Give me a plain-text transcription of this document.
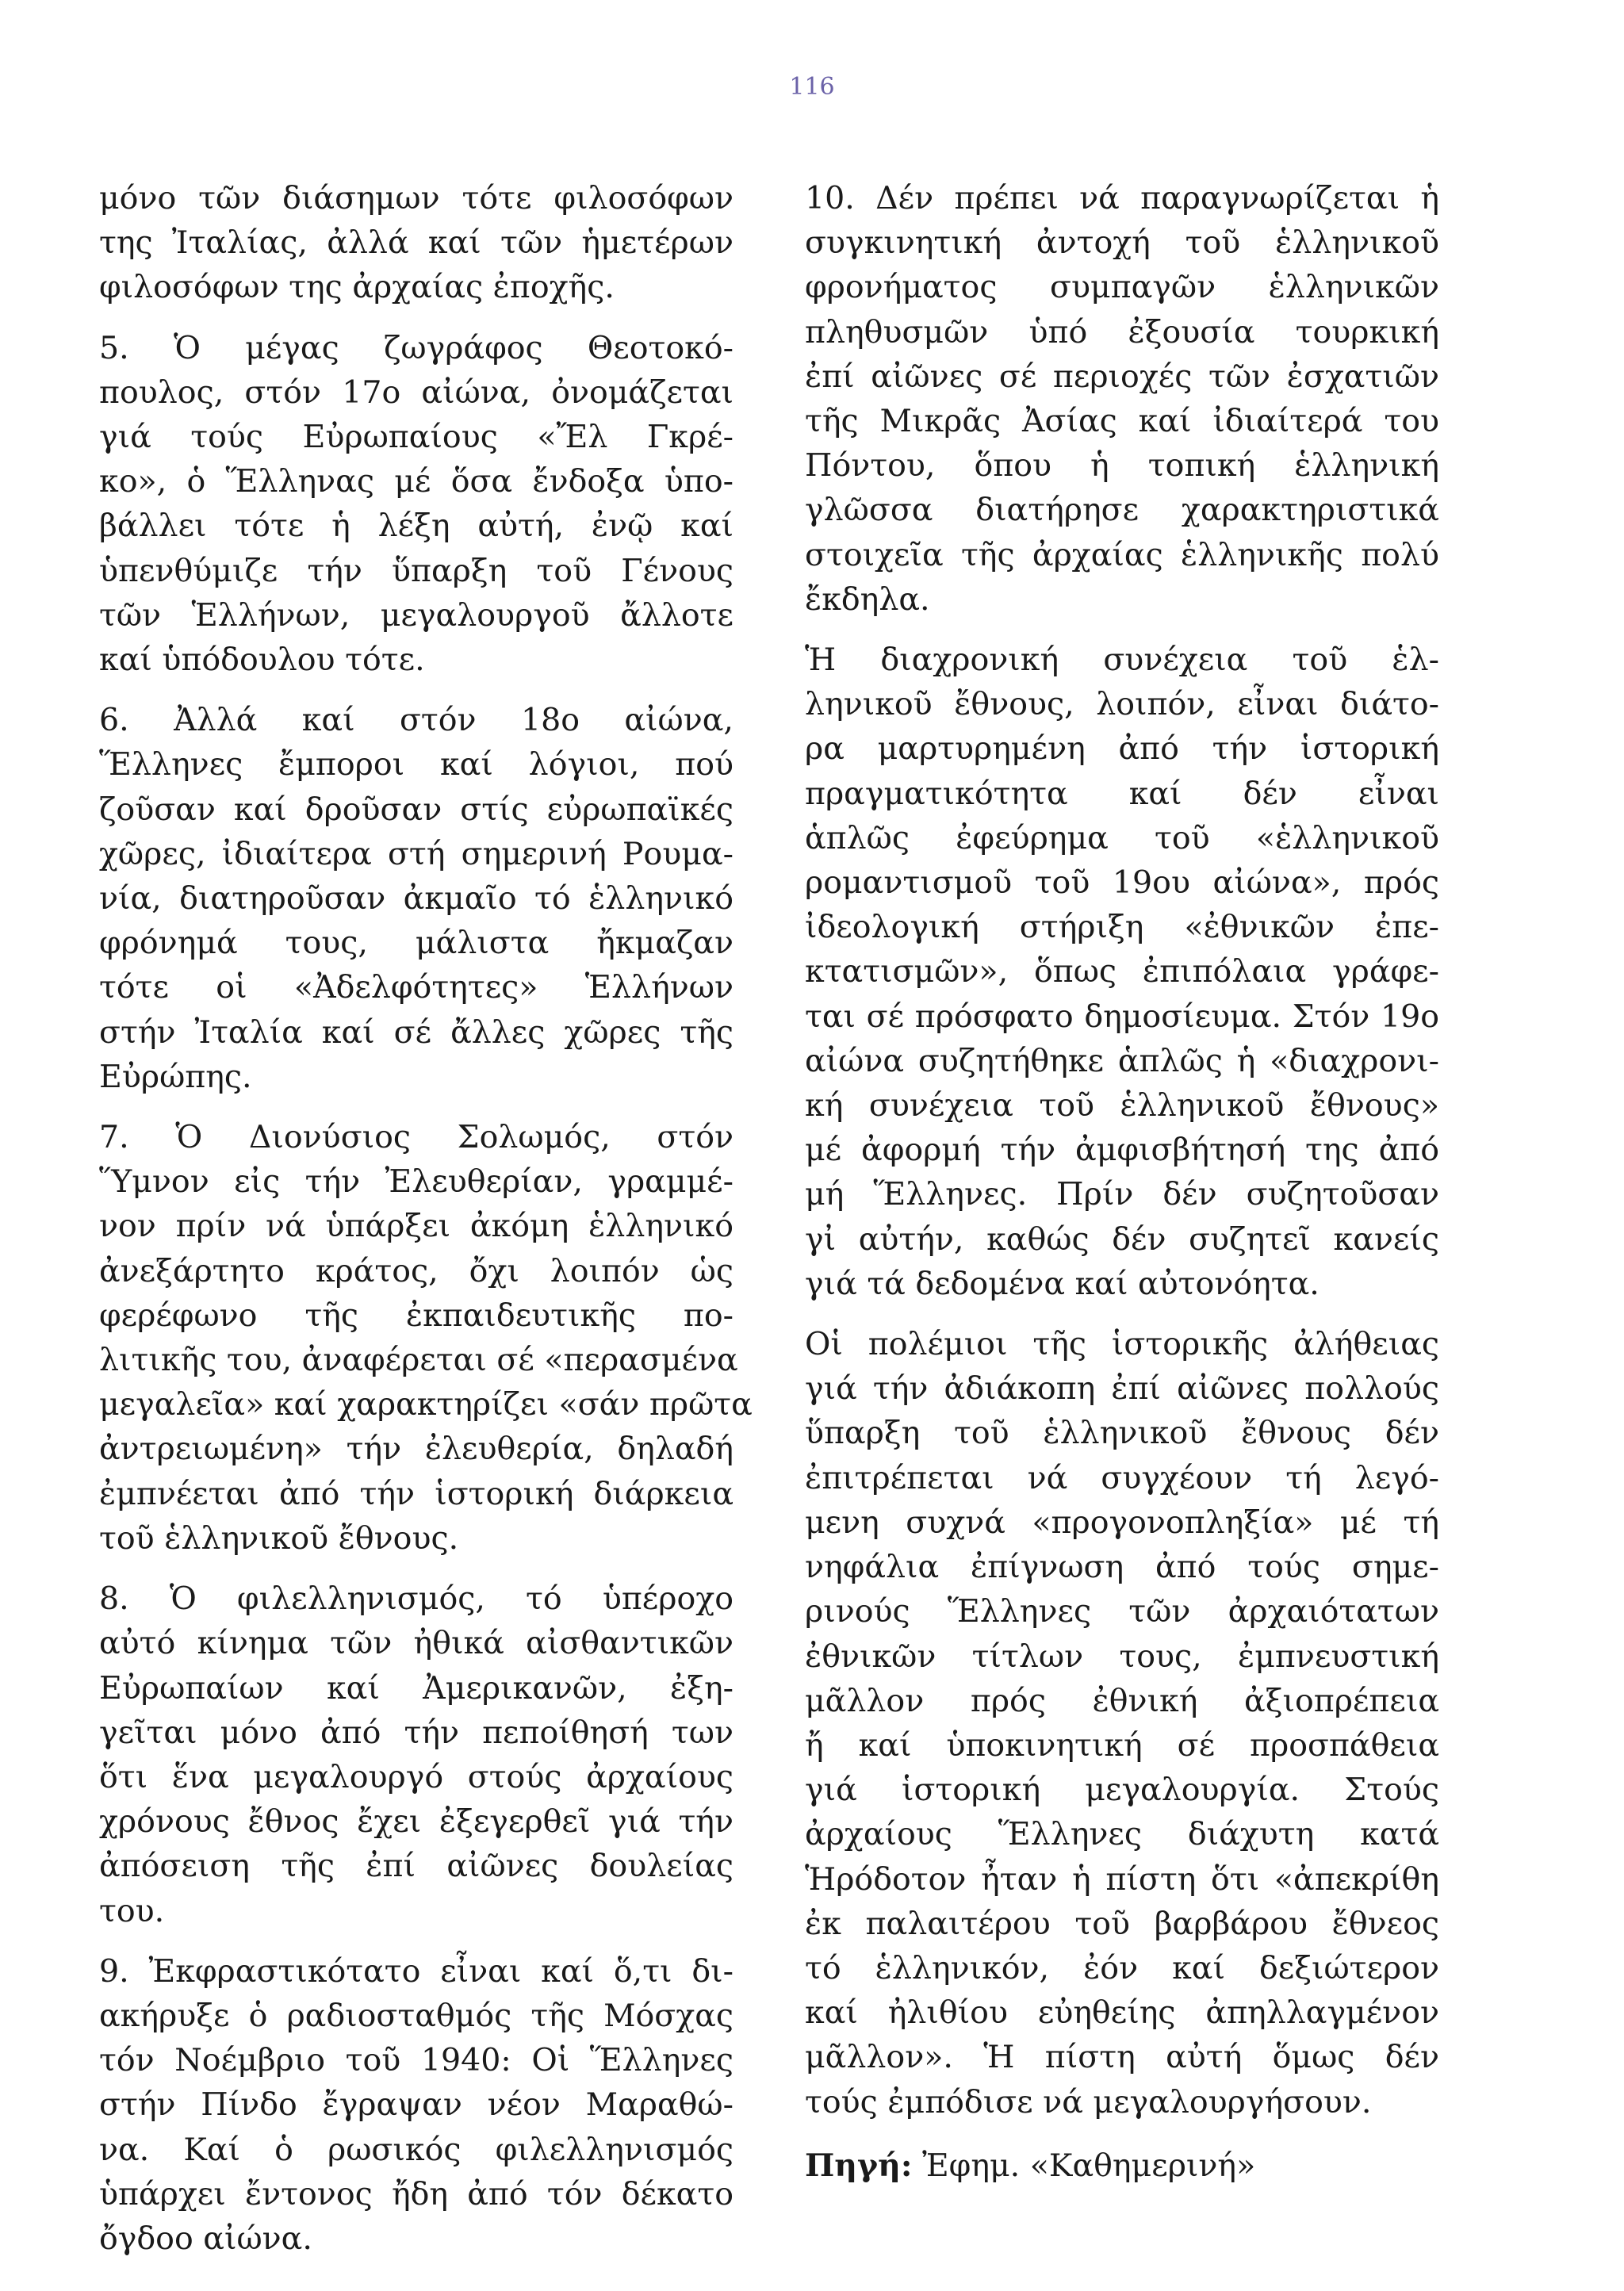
116
μόνο τῶν διάσημων τότε φιλοσόφων
της Ἰταλίας, ἀλλά καί τῶν ἡμετέρων
φιλοσόφων της ἀρχαίας ἐποχῆς.
5. Ὁ μέγας ζωγράφος Θεοτοκό-
πουλος, στόν 17ο αἰώνα, ὀνομάζεται
γιά τούς Εὐρωπαίους «Ἔλ Γκρέ-
κο», ὁ Ἕλληνας μέ ὅσα ἔνδοξα ὑπο-
βάλλει τότε ἡ λέξη αὐτή, ἐνῷ καί
ὑπενθύμιζε τήν ὕπαρξη τοῦ Γένους
τῶν Ἑλλήνων, μεγαλουργοῦ ἄλλοτε
καί ὑπόδουλου τότε.
6. Ἀλλά καί στόν 18ο αἰώνα,
Ἕλληνες ἔμποροι καί λόγιοι, πού
ζοῦσαν καί δροῦσαν στίς εὐρωπαϊκές
χῶρες, ἰδιαίτερα στή σημερινή Ρουμα-
νία, διατηροῦσαν ἀκμαῖο τό ἑλληνικό
φρόνημά τους, μάλιστα ἤκμαζαν
τότε οἱ «Ἀδελφότητες» Ἑλλήνων
στήν Ἰταλία καί σέ ἄλλες χῶρες τῆς
Εὐρώπης.
7. Ὁ Διονύσιος Σολωμός, στόν
Ὕμνον εἰς τήν Ἐλευθερίαν, γραμμέ-
νον πρίν νά ὑπάρξει ἀκόμη ἑλληνικό
ἀνεξάρτητο κράτος, ὄχι λοιπόν ὡς
φερέφωνο τῆς ἐκπαιδευτικῆς πο-
λιτικῆς του, ἀναφέρεται σέ «περασμένα
μεγαλεῖα» καί χαρακτηρίζει «σάν πρῶτα
ἀντρειωμένη» τήν ἐλευθερία, δηλαδή
ἐμπνέεται ἀπό τήν ἱστορική διάρκεια
τοῦ ἑλληνικοῦ ἔθνους.
8. Ὁ φιλελληνισμός, τό ὑπέροχο
αὐτό κίνημα τῶν ἠθικά αἰσθαντικῶν
Εὐρωπαίων καί Ἀμερικανῶν, ἐξη-
γεῖται μόνο ἀπό τήν πεποίθησή των
ὅτι ἕνα μεγαλουργό στούς ἀρχαίους
χρόνους ἔθνος ἔχει ἐξεγερθεῖ γιά τήν
ἀπόσειση τῆς ἐπί αἰῶνες δουλείας
του.
9. Ἐκφραστικότατο εἶναι καί ὅ,τι δι-
ακήρυξε ὁ ραδιοσταθμός τῆς Μόσχας
τόν Νοέμβριο τοῦ 1940: Οἱ Ἕλληνες
στήν Πίνδο ἔγραψαν νέον Μαραθώ-
να. Καί ὁ ρωσικός φιλελληνισμός
ὑπάρχει ἔντονος ἤδη ἀπό τόν δέκατο
ὄγδοο αἰώνα.
10. Δέν πρέπει νά παραγνωρίζεται ἡ
συγκινητική ἀντοχή τοῦ ἑλληνικοῦ
φρονήματος συμπαγῶν ἑλληνικῶν
πληθυσμῶν ὑπό ἐξουσία τουρκική
ἐπί αἰῶνες σέ περιοχές τῶν ἐσχατιῶν
τῆς Μικρᾶς Ἀσίας καί ἰδιαίτερά του
Πόντου, ὅπου ἡ τοπική ἑλληνική
γλῶσσα διατήρησε χαρακτηριστικά
στοιχεῖα τῆς ἀρχαίας ἑλληνικῆς πολύ
ἔκδηλα.
Ἡ διαχρονική συνέχεια τοῦ ἑλ-
ληνικοῦ ἔθνους, λοιπόν, εἶναι διάτο-
ρα μαρτυρημένη ἀπό τήν ἱστορική
πραγματικότητα καί δέν εἶναι
ἁπλῶς ἐφεύρημα τοῦ «ἑλληνικοῦ
ρομαντισμοῦ τοῦ 19ου αἰώνα», πρός
ἰδεολογική στήριξη «ἐθνικῶν ἐπε-
κτατισμῶν», ὅπως ἐπιπόλαια γράφε-
ται σέ πρόσφατο δημοσίευμα. Στόν 19ο
αἰώνα συζητήθηκε ἁπλῶς ἡ «διαχρονι-
κή συνέχεια τοῦ ἑλληνικοῦ ἔθνους»
μέ ἀφορμή τήν ἀμφισβήτησή της ἀπό
μή Ἕλληνες. Πρίν δέν συζητοῦσαν
γἰ αὐτήν, καθώς δέν συζητεῖ κανείς
γιά τά δεδομένα καί αὐτονόητα.
Οἱ πολέμιοι τῆς ἱστορικῆς ἀλήθειας
γιά τήν ἀδιάκοπη ἐπί αἰῶνες πολλούς
ὕπαρξη τοῦ ἑλληνικοῦ ἔθνους δέν
ἐπιτρέπεται νά συγχέουν τή λεγό-
μενη συχνά «προγονοπληξία» μέ τή
νηφάλια ἐπίγνωση ἀπό τούς σημε-
ρινούς Ἕλληνες τῶν ἀρχαιότατων
ἐθνικῶν τίτλων τους, ἐμπνευστική
μᾶλλον πρός ἐθνική ἀξιοπρέπεια
ἤ καί ὑποκινητική σέ προσπάθεια
γιά ἱστορική μεγαλουργία. Στούς
ἀρχαίους Ἕλληνες διάχυτη κατά
Ἡρόδοτον ἦταν ἡ πίστη ὅτι «ἀπεκρίθη
ἐκ παλαιτέρου τοῦ βαρβάρου ἔθνεος
τό ἑλληνικόν, ἐόν καί δεξιώτερον
καί ἠλιθίου εὐηθείης ἀπηλλαγμένον
μᾶλλον». Ἡ πίστη αὐτή ὅμως δέν
τούς ἐμπόδισε νά μεγαλουργήσουν.
Πηγή: Ἐφημ. «Καθημερινή»
